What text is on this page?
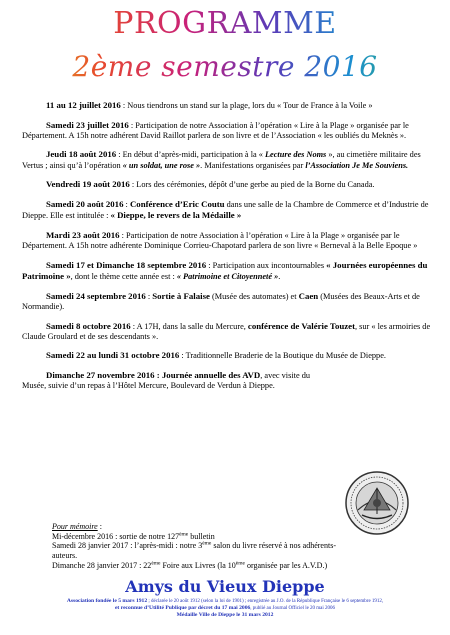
PROGRAMME
2ème semestre 2016

11 au 12 juillet 2016 : Nous tiendrons un stand sur la plage, lors du « Tour de France à la Voile »

Samedi 23 juillet 2016 : Participation de notre Association à l’opération « Lire à la Plage » organisée par le Département. A 15h notre adhérent David Raillot parlera de son livre et de l’Association « les oubliés du Meknès ».

Jeudi 18 août 2016 : En début d’après-midi, participation à la « Lecture des Noms », au cimetière militaire des Vertus ; ainsi qu’à l’opération « un soldat, une rose ». Manifestations organisées par l’Association Je Me Souviens.

Vendredi 19 août 2016 : Lors des cérémonies, dépôt d’une gerbe au pied de la Borne du Canada.

Samedi 20 août 2016 : Conférence d’Eric Coutu dans une salle de la Chambre de Commerce et d’Industrie de Dieppe. Elle est intitulée : « Dieppe, le revers de la Médaille »

Mardi 23 août 2016 : Participation de notre Association à l’opération « Lire à la Plage » organisée par le Département. A 15h notre adhérente Dominique Corrieu-Chapotard parlera de son livre « Berneval à la Belle Epoque »

Samedi 17 et Dimanche 18 septembre 2016 : Participation aux incontournables « Journées européennes du Patrimoine », dont le thème cette année est : « Patrimoine et Citoyenneté ».

Samedi 24 septembre 2016 : Sortie à Falaise (Musée des automates) et Caen (Musées des Beaux-Arts et de Normandie).

Samedi 8 octobre 2016 : A 17H, dans la salle du Mercure, conférence de Valérie Touzet, sur « les armoiries de Claude Groulard et de ses descendants ».

Samedi 22 au lundi 31 octobre 2016 : Traditionnelle Braderie de la Boutique du Musée de Dieppe.

Dimanche 27 novembre 2016 : Journée annuelle des AVD, avec visite du Musée, suivie d’un repas à l’Hôtel Mercure, Boulevard de Verdun à Dieppe.

Pour mémoire :
Mi-décembre 2016 : sortie de notre 127ème bulletin
Samedi 28 janvier 2017 : l’après-midi : notre 3ème salon du livre réservé à nos adhérents-auteurs.
Dimanche 28 janvier 2017 : 22ème Foire aux Livres (la 10ème organisée par les A.V.D.)
Amys du Vieux Dieppe
Association fondée le 5 mars 1912 ; déclarée le 20 août 1912 (selon la loi de 1901) ; enregistrée au J.O. de la République Française le 6 septembre 1912,
et reconnue d’Utilité Publique par décret du 17 mai 2006, publié au Journal Officiel le 20 mai 2006
Médaille Ville de Dieppe le 31 mars 2012
